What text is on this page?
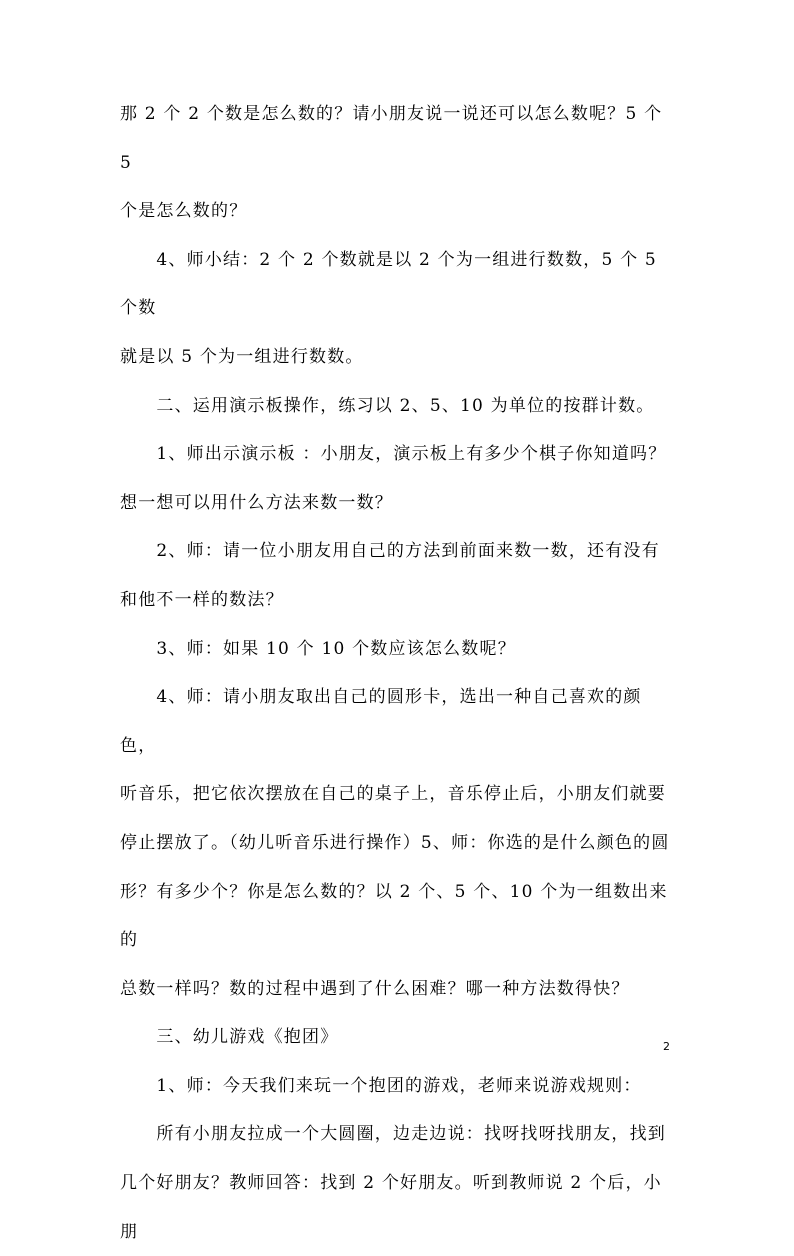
那 2 个 2 个数是怎么数的？请小朋友说一说还可以怎么数呢？5 个 5
个是怎么数的？

　　4、师小结：2 个 2 个数就是以 2 个为一组进行数数，5 个 5 个数
就是以 5 个为一组进行数数。

　　二、运用演示板操作，练习以 2、5、10 为单位的按群计数。

　　1、师出示演示板 ：小朋友，演示板上有多少个棋子你知道吗？
想一想可以用什么方法来数一数？

　　2、师：请一位小朋友用自己的方法到前面来数一数，还有没有
和他不一样的数法？

　　3、师：如果 10 个 10 个数应该怎么数呢？

　　4、师：请小朋友取出自己的圆形卡，选出一种自己喜欢的颜色，
听音乐，把它依次摆放在自己的桌子上，音乐停止后，小朋友们就要
停止摆放了。（幼儿听音乐进行操作）5、师：你选的是什么颜色的圆
形？有多少个？你是怎么数的？以 2 个、5 个、10 个为一组数出来的
总数一样吗？数的过程中遇到了什么困难？哪一种方法数得快？

　　三、幼儿游戏《抱团》

　　1、师：今天我们来玩一个抱团的游戏，老师来说游戏规则：

　　所有小朋友拉成一个大圆圈，边走边说：找呀找呀找朋友，找到
几个好朋友？教师回答：找到 2 个好朋友。听到教师说 2 个后，小朋

2
